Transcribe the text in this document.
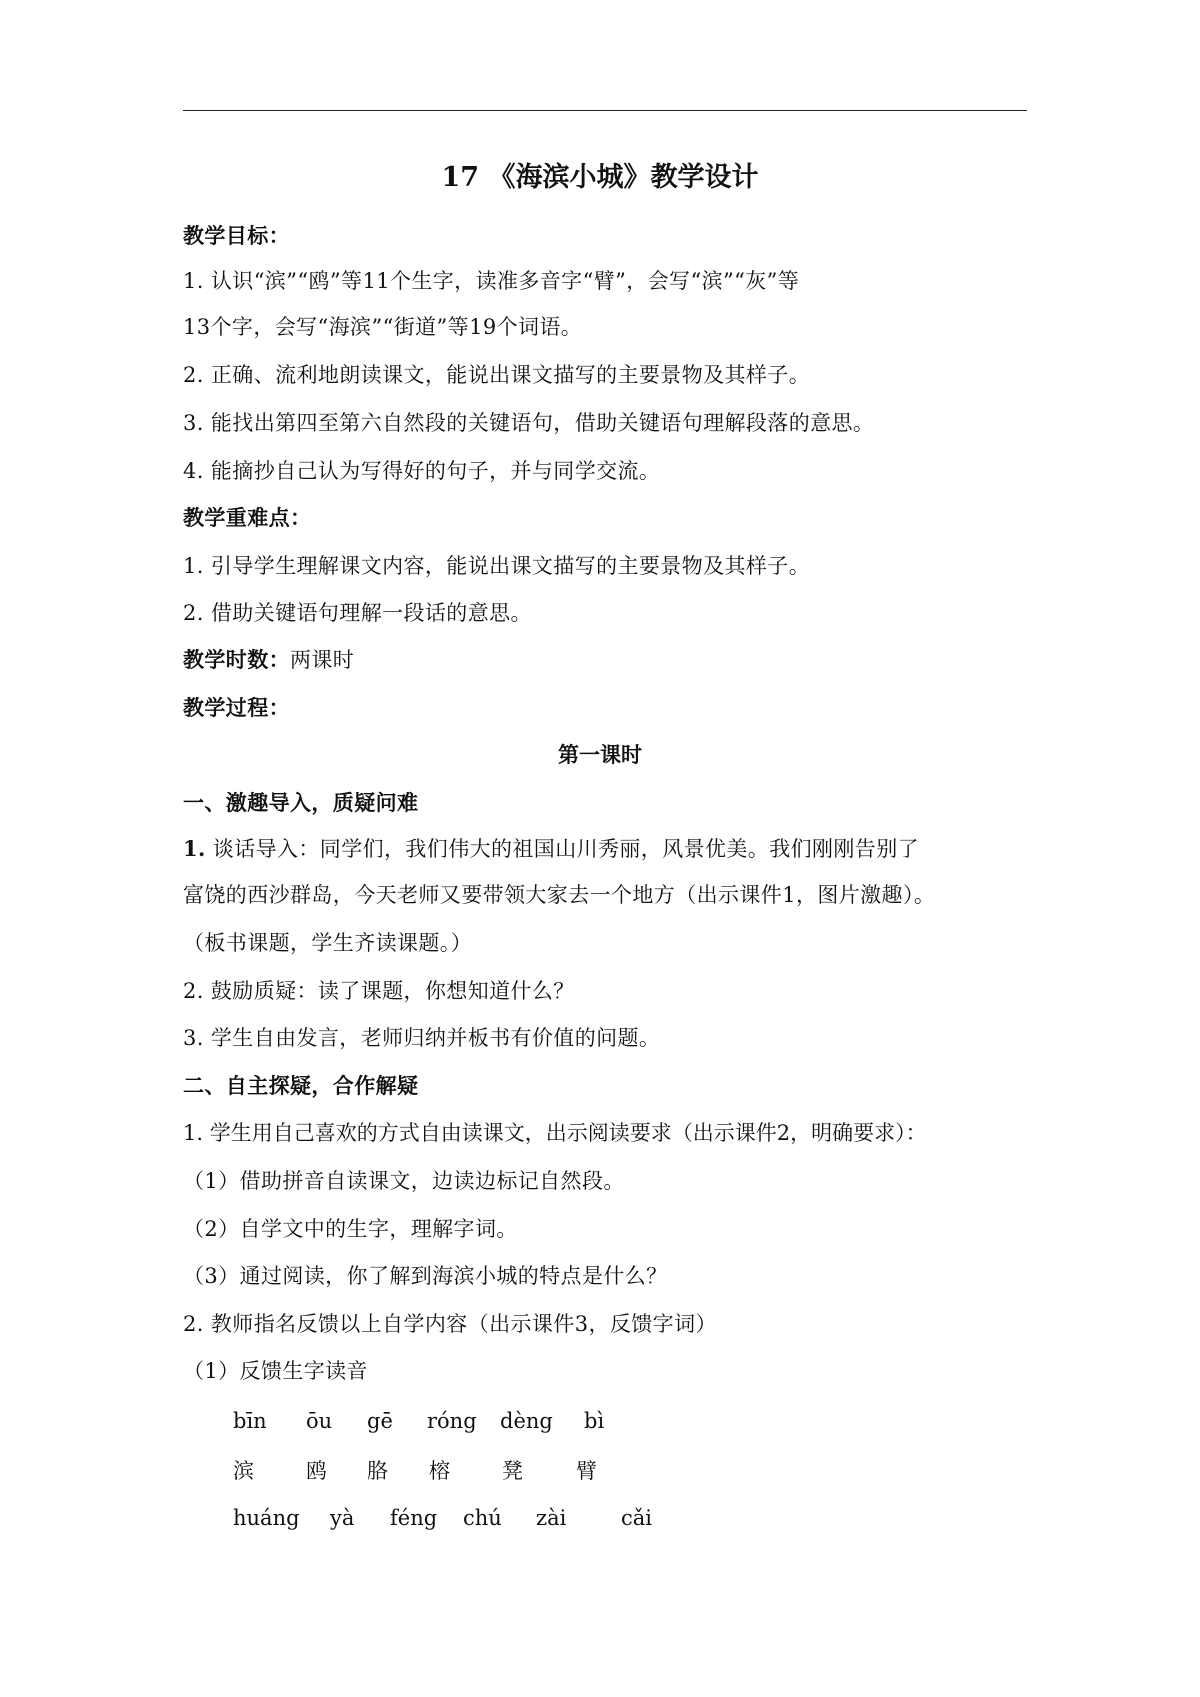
17 《海滨小城》教学设计
教学目标：
1. 认识“滨”“鸥”等11个生字，读准多音字“臂”，会写“滨”“灰”等
13个字，会写“海滨”“街道”等19个词语。
2. 正确、流利地朗读课文，能说出课文描写的主要景物及其样子。
3. 能找出第四至第六自然段的关键语句，借助关键语句理解段落的意思。
4. 能摘抄自己认为写得好的句子，并与同学交流。
教学重难点：
1. 引导学生理解课文内容，能说出课文描写的主要景物及其样子。
2. 借助关键语句理解一段话的意思。
教学时数：两课时
教学过程：
第一课时
一、激趣导入，质疑问难
1. 谈话导入：同学们，我们伟大的祖国山川秀丽，风景优美。我们刚刚告别了
富饶的西沙群岛，今天老师又要带领大家去一个地方（出示课件1，图片激趣）。
（板书课题，学生齐读课题。）
2. 鼓励质疑：读了课题，你想知道什么？
3. 学生自由发言，老师归纳并板书有价值的问题。
二、自主探疑，合作解疑
1. 学生用自己喜欢的方式自由读课文，出示阅读要求（出示课件2，明确要求）：
（1）借助拼音自读课文，边读边标记自然段。
（2）自学文中的生字，理解字词。
（3）通过阅读，你了解到海滨小城的特点是什么？
2. 教师指名反馈以上自学内容（出示课件3，反馈字词）
（1）反馈生字读音
bīn ōu gē róng dèng bì
滨 鸥 胳 榕 凳	臂
huáng yà féng chú zài	cǎi
